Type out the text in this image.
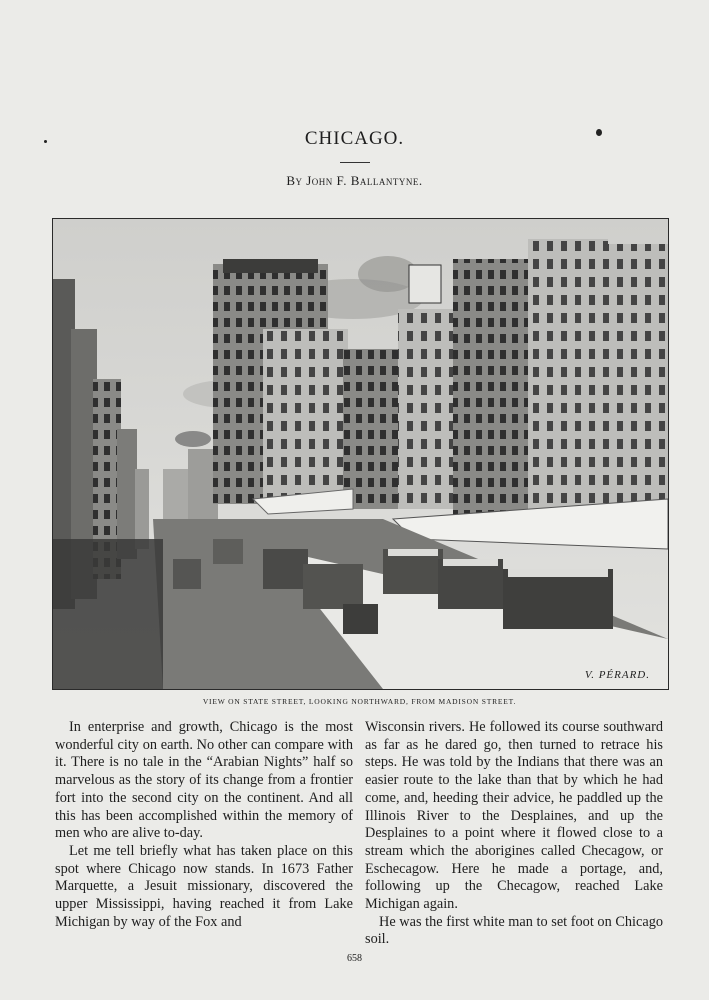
CHICAGO.
By John F. Ballantyne.
V. PÉRARD.
VIEW ON STATE STREET, LOOKING NORTHWARD, FROM MADISON STREET.

In enterprise and growth, Chicago is the most wonderful city on earth. No other can compare with it. There is no tale in the “Arabian Nights” half so marvelous as the story of its change from a frontier fort into the second city on the continent. And all this has been accomplished within the memory of men who are alive to-day.

Let me tell briefly what has taken place on this spot where Chicago now stands. In 1673 Father Marquette, a Jesuit missionary, discovered the upper Mississippi, having reached it from Lake Michigan by way of the Fox and

Wisconsin rivers. He followed its course southward as far as he dared go, then turned to retrace his steps. He was told by the Indians that there was an easier route to the lake than that by which he had come, and, heeding their advice, he paddled up the Illinois River to the Desplaines, and up the Desplaines to a point where it flowed close to a stream which the aborigines called Checagow, or Eschecagow. Here he made a portage, and, following up the Checagow, reached Lake Michigan again.

He was the first white man to set foot on Chicago soil.

658
